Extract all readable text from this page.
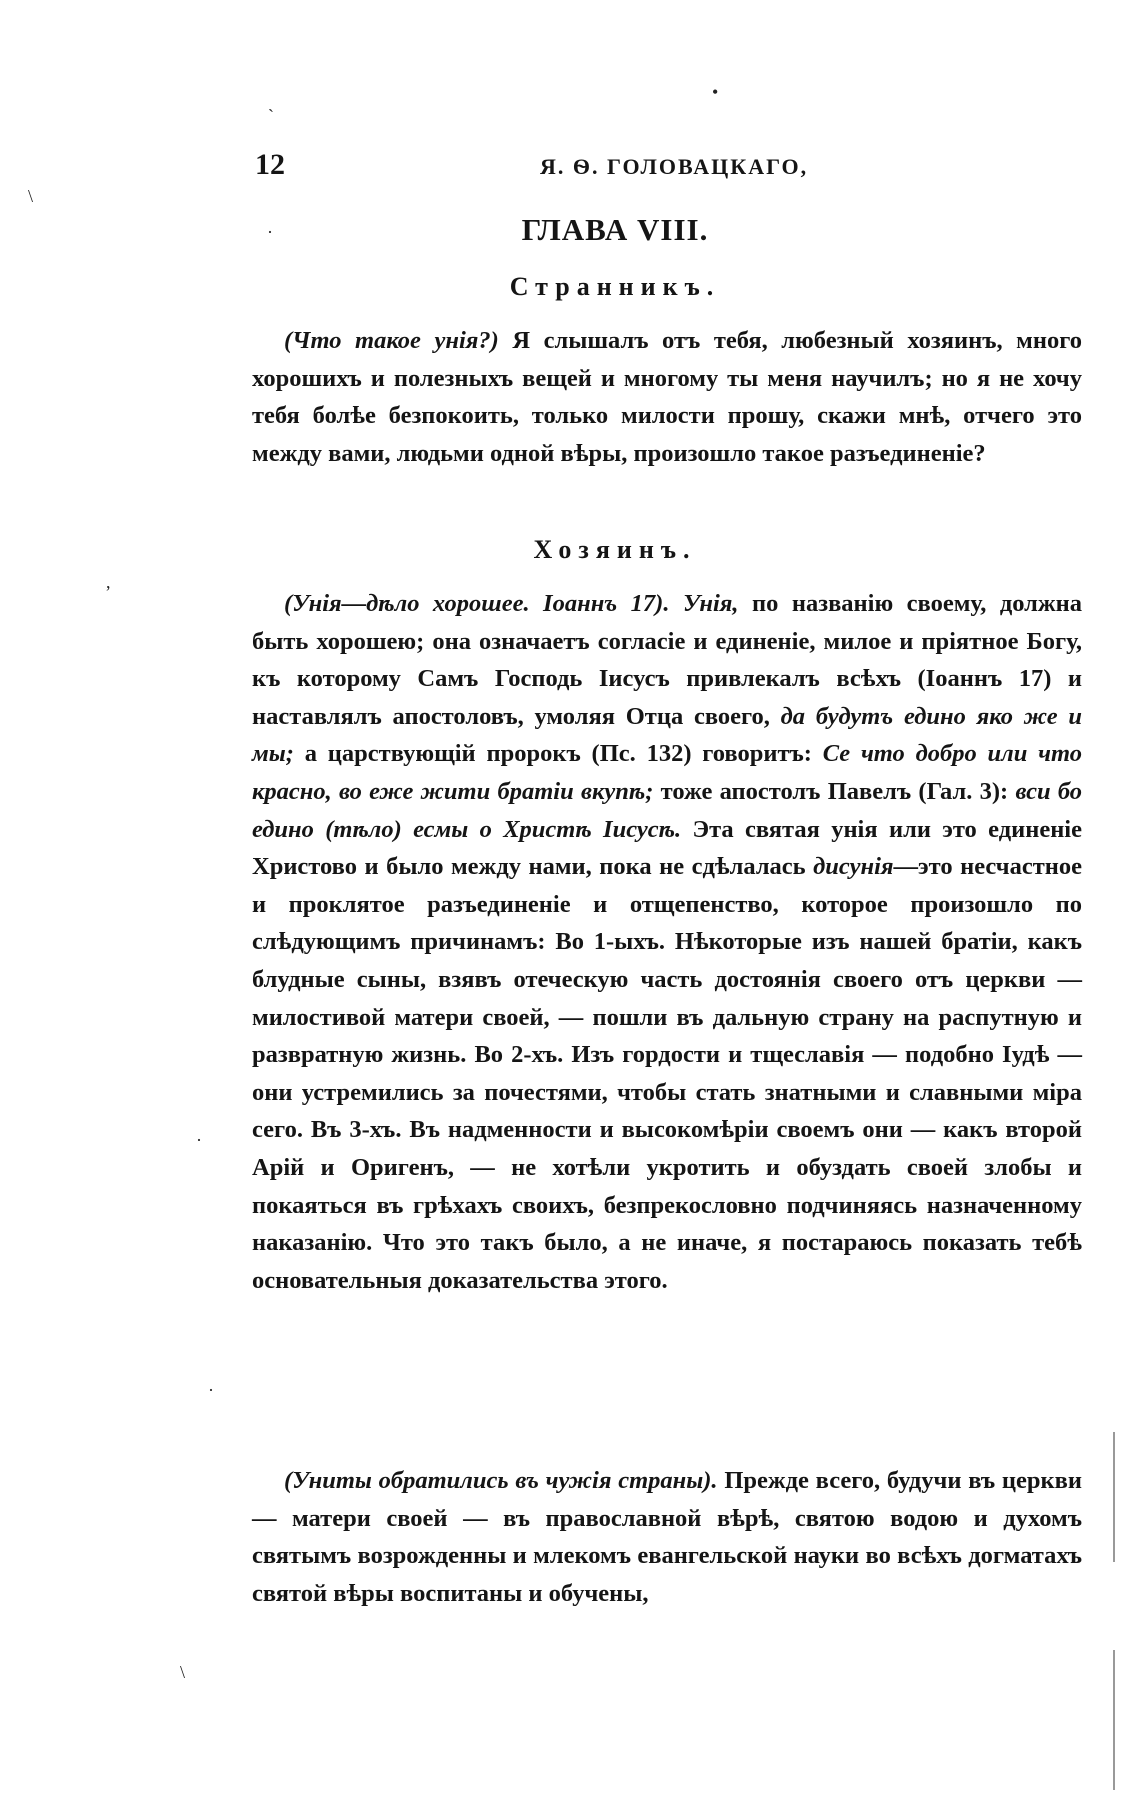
12	Я. Ѳ. ГОЛОВАЦКАГО,
ГЛАВА VIII.
Странникъ.

(Что такое унія?) Я слышалъ отъ тебя, любезный хозяинъ, много хорошихъ и полезныхъ вещей и многому ты меня научилъ; но я не хочу тебя болѣе безпокоить, только милости прошу, скажи мнѣ, отчего это между вами, людьми одной вѣры, произошло такое разъединеніе?

Хозяинъ.

(Унія—дѣло хорошее. Іоаннъ 17). Унія, по названію своему, должна быть хорошею; она означаетъ согласіе и единеніе, милое и пріятное Богу, къ которому Самъ Господь Іисусъ привлекалъ всѣхъ (Іоаннъ 17) и наставлялъ апостоловъ, умоляя Отца своего, да будутъ едино яко же и мы; а царствующій пророкъ (Пс. 132) говоритъ: Се что добро или что красно, во еже жити братіи вкупѣ; тоже апостолъ Павелъ (Гал. 3): вси бо едино (тѣло) есмы о Христѣ Іисусѣ. Эта святая унія или это единеніе Христово и было между нами, пока не сдѣлалась дисунія—это несчастное и проклятое разъединеніе и отщепенство, которое произошло по слѣдующимъ причинамъ: Во 1-ыхъ. Нѣкоторые изъ нашей братіи, какъ блудные сыны, взявъ отеческую часть достоянія своего отъ церкви — милостивой матери своей, — пошли въ дальную страну на распутную и развратную жизнь. Во 2-хъ. Изъ гордости и тщеславія — подобно Іудѣ — они устремились за почестями, чтобы стать знатными и славными міра сего. Въ 3-хъ. Въ надменности и высокомѣріи своемъ они — какъ второй Арій и Оригенъ, — не хотѣли укротить и обуздать своей злобы и покаяться въ грѣхахъ своихъ, безпрекословно подчиняясь назначенному наказанію. Что это такъ было, а не иначе, я постараюсь показать тебѣ основательныя доказательства этого.

(Униты обратились въ чужія страны). Прежде всего, будучи въ церкви — матери своей — въ православной вѣрѣ, святою водою и духомъ святымъ возрожденны и млекомъ евангельской науки во всѣхъ догматахъ святой вѣры воспитаны и обучены,

ˏ	•
\
·
,
·
·
\
